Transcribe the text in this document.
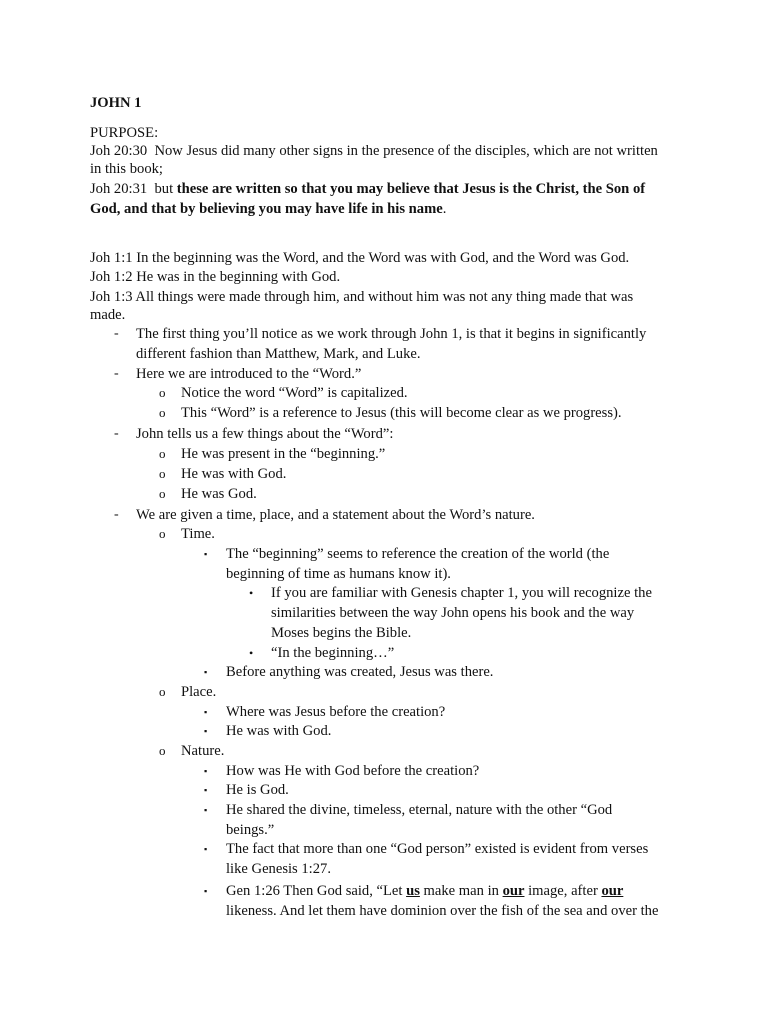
JOHN 1
PURPOSE:
Joh 20:30 Now Jesus did many other signs in the presence of the disciples, which are not written
in this book;
Joh 20:31 but these are written so that you may believe that Jesus is the Christ, the Son of
God, and that by believing you may have life in his name.
Joh 1:1 In the beginning was the Word, and the Word was with God, and the Word was God.
Joh 1:2 He was in the beginning with God.
Joh 1:3 All things were made through him, and without him was not any thing made that was
made.
- The first thing you’ll notice as we work through John 1, is that it begins in significantly
different fashion than Matthew, Mark, and Luke.
- Here we are introduced to the “Word.”
o Notice the word “Word” is capitalized.
o This “Word” is a reference to Jesus (this will become clear as we progress).
- John tells us a few things about the “Word”:
o He was present in the “beginning.”
o He was with God.
o He was God.
- We are given a time, place, and a statement about the Word’s nature.
o Time.
▪ The “beginning” seems to reference the creation of the world (the
beginning of time as humans know it).
• If you are familiar with Genesis chapter 1, you will recognize the
similarities between the way John opens his book and the way
Moses begins the Bible.
• “In the beginning…”
▪ Before anything was created, Jesus was there.
o Place.
▪ Where was Jesus before the creation?
▪ He was with God.
o Nature.
▪ How was He with God before the creation?
▪ He is God.
▪ He shared the divine, timeless, eternal, nature with the other “God
beings.”
▪ The fact that more than one “God person” existed is evident from verses
like Genesis 1:27.
▪ Gen 1:26 Then God said, “Let us make man in our image, after our
likeness. And let them have dominion over the fish of the sea and over the
